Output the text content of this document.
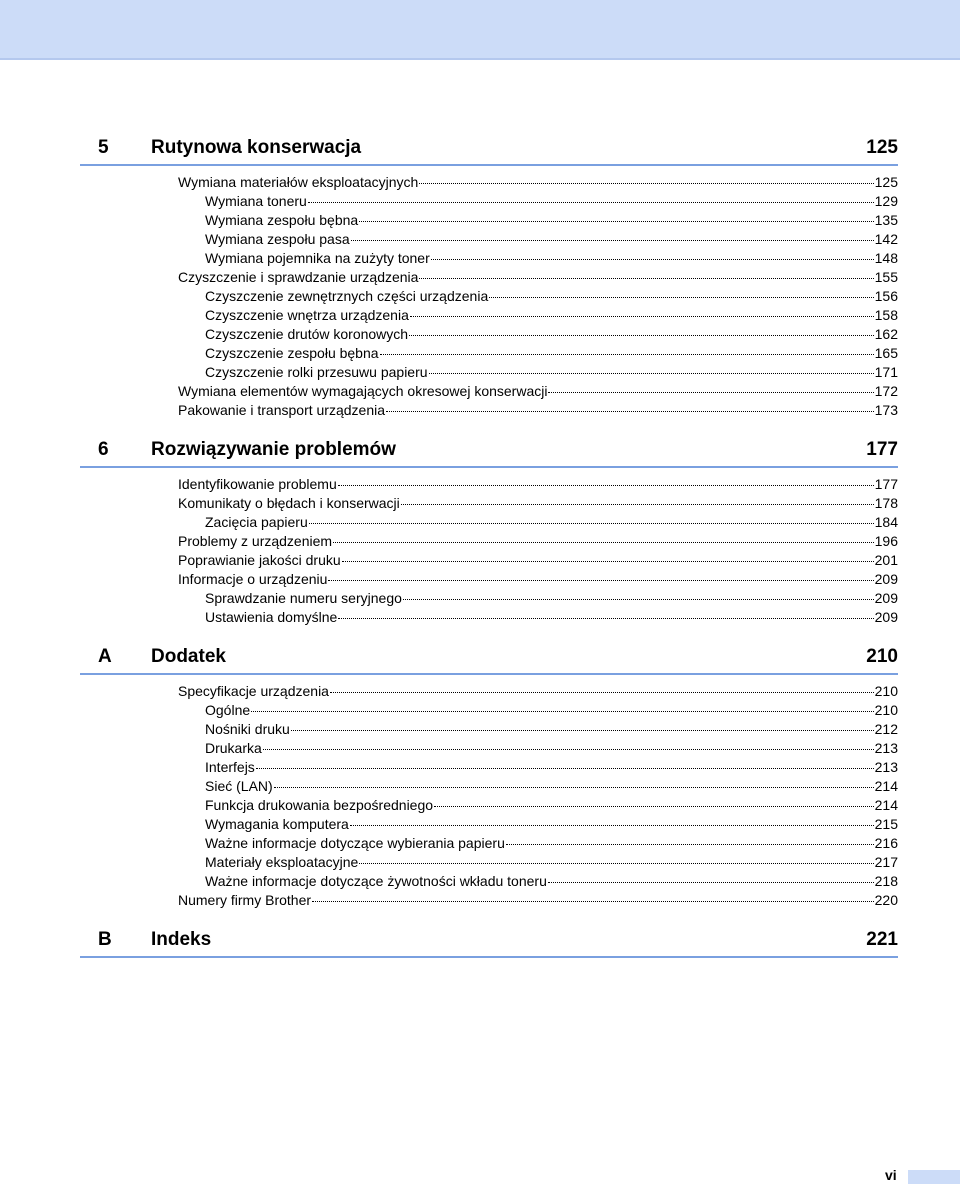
5	Rutynowa konserwacja	125
Wymiana materiałów eksploatacyjnych	125
Wymiana toneru	129
Wymiana zespołu bębna	135
Wymiana zespołu pasa	142
Wymiana pojemnika na zużyty toner	148
Czyszczenie i sprawdzanie urządzenia	155
Czyszczenie zewnętrznych części urządzenia	156
Czyszczenie wnętrza urządzenia	158
Czyszczenie drutów koronowych	162
Czyszczenie zespołu bębna	165
Czyszczenie rolki przesuwu papieru	171
Wymiana elementów wymagających okresowej konserwacji	172
Pakowanie i transport urządzenia	173
6	Rozwiązywanie problemów	177
Identyfikowanie problemu	177
Komunikaty o błędach i konserwacji	178
Zacięcia papieru	184
Problemy z urządzeniem	196
Poprawianie jakości druku	201
Informacje o urządzeniu	209
Sprawdzanie numeru seryjnego	209
Ustawienia domyślne	209
A	Dodatek	210
Specyfikacje urządzenia	210
Ogólne	210
Nośniki druku	212
Drukarka	213
Interfejs	213
Sieć (LAN)	214
Funkcja drukowania bezpośredniego	214
Wymagania komputera	215
Ważne informacje dotyczące wybierania papieru	216
Materiały eksploatacyjne	217
Ważne informacje dotyczące żywotności wkładu toneru	218
Numery firmy Brother	220
B	Indeks	221
vi
